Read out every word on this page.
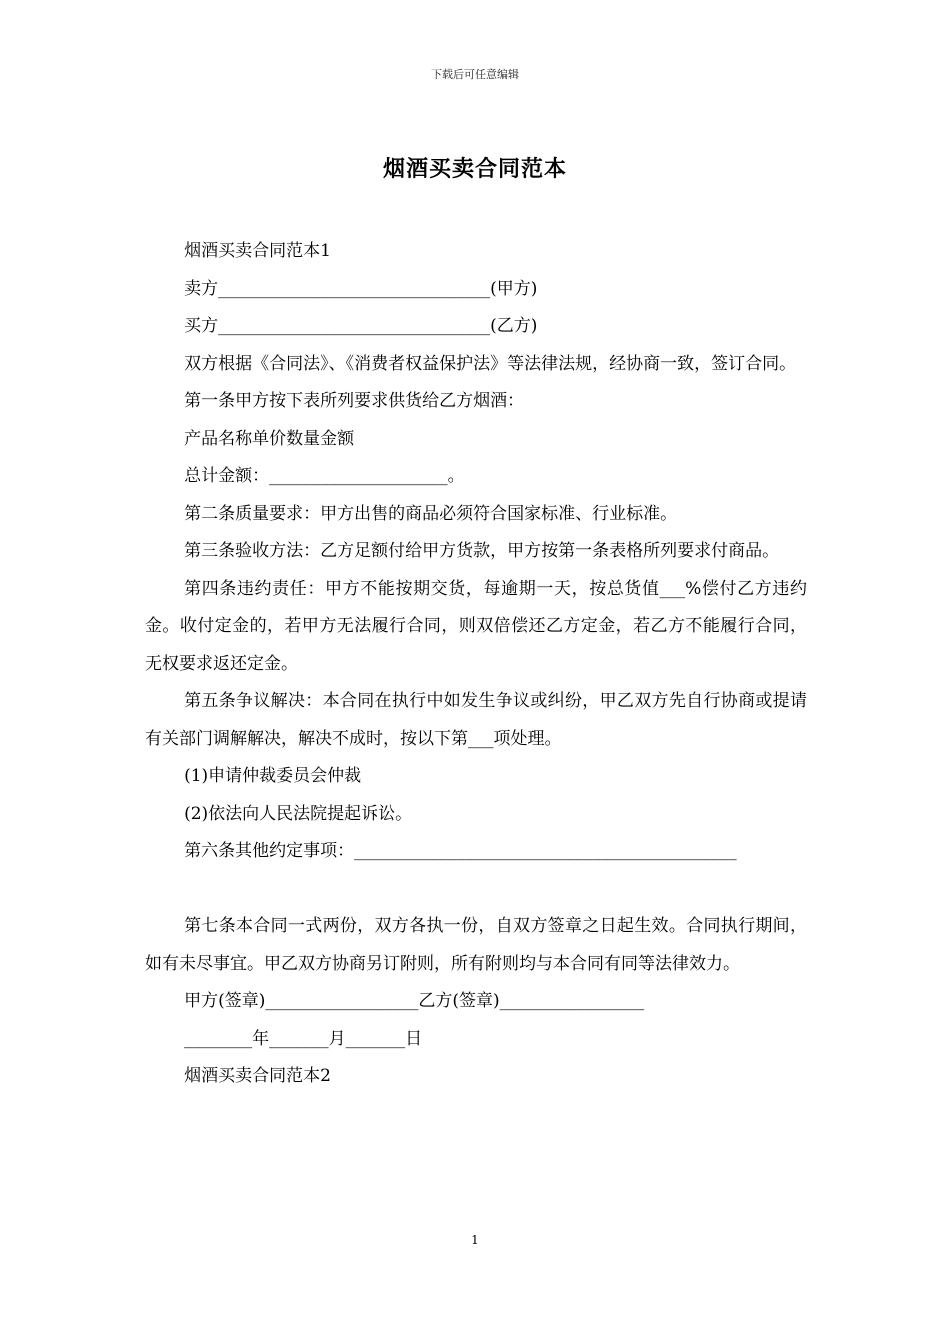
下载后可任意编辑
烟酒买卖合同范本

烟酒买卖合同范本1

卖方________________________________(甲方)

买方________________________________(乙方)

双方根据《合同法》、《消费者权益保护法》等法律法规，经协商一致，签订合同。

第一条甲方按下表所列要求供货给乙方烟酒：

产品名称单价数量金额

总计金额：_____________________。

第二条质量要求：甲方出售的商品必须符合国家标准、行业标准。

第三条验收方法：乙方足额付给甲方货款，甲方按第一条表格所列要求付商品。

第四条违约责任：甲方不能按期交货，每逾期一天，按总货值___%偿付乙方违约金。收付定金的，若甲方无法履行合同，则双倍偿还乙方定金，若乙方不能履行合同，无权要求返还定金。

第五条争议解决：本合同在执行中如发生争议或纠纷，甲乙双方先自行协商或提请有关部门调解解决，解决不成时，按以下第___项处理。

(1)申请仲裁委员会仲裁

(2)依法向人民法院提起诉讼。

第六条其他约定事项：_____________________________________________

第七条本合同一式两份，双方各执一份，自双方签章之日起生效。合同执行期间，如有未尽事宜。甲乙双方协商另订附则，所有附则均与本合同有同等法律效力。

甲方(签章)__________________乙方(签章)_________________

________年_______月_______日

烟酒买卖合同范本2

1
